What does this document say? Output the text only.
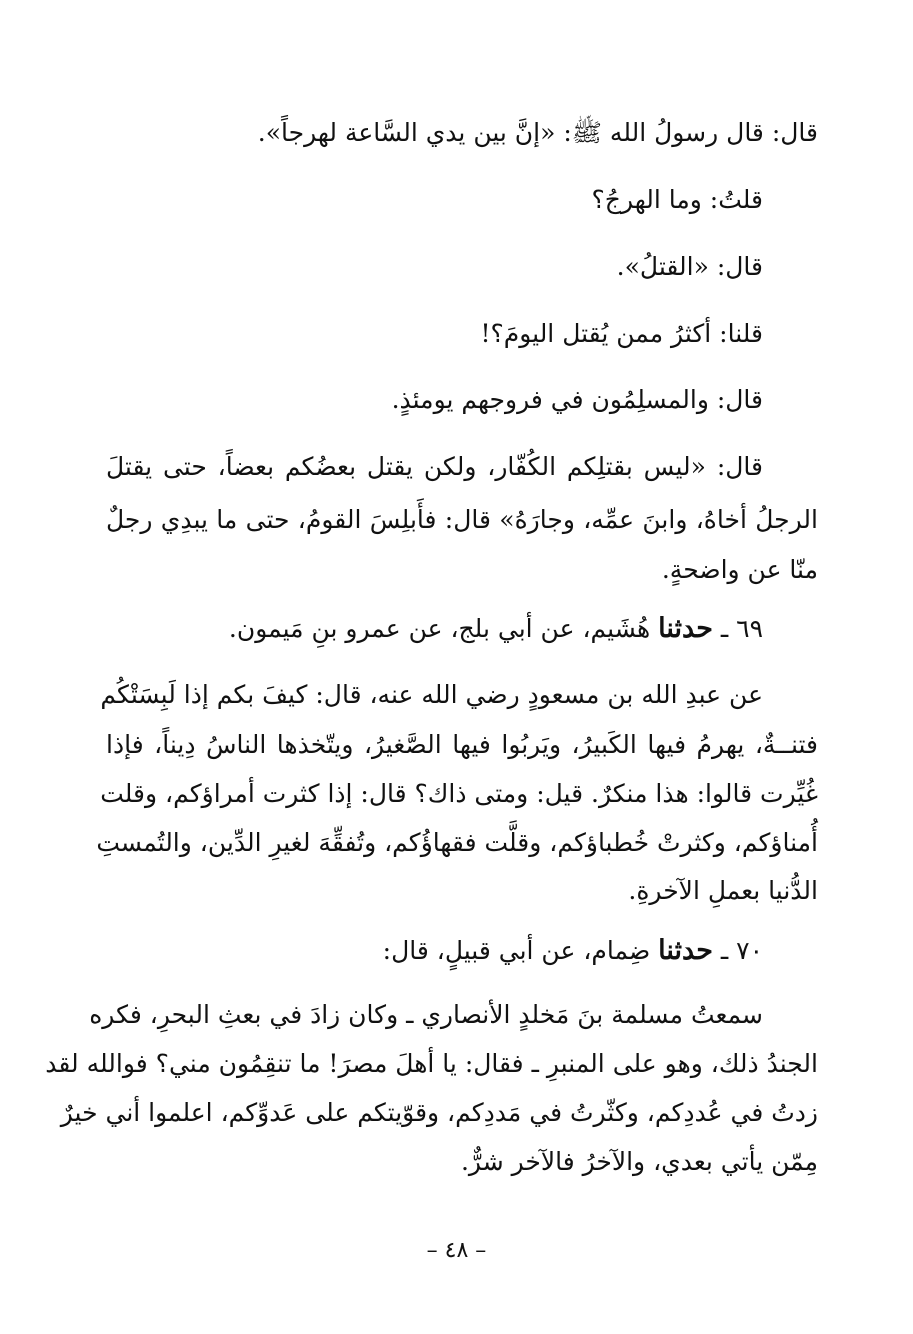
قال: قال رسولُ الله ﷺ: «إنَّ بين يدي السَّاعة لهرجاً».
قلتُ: وما الهرجُ؟
قال: «القتلُ».
قلنا: أكثرُ ممن يُقتل اليومَ؟!
قال: والمسلِمُون في فروجهم يومئذٍ.
قال: «ليس بقتلِكم الكُفّار، ولكن يقتل بعضُكم بعضاً، حتى يقتلَ
الرجلُ أخاهُ، وابنَ عمِّه، وجارَهُ» قال: فأَبلِسَ القومُ، حتى ما يبدِي رجلٌ
منّا عن واضحةٍ.
٦٩ ـ حدثنا هُشَيم، عن أبي بلج، عن عمرو بنِ مَيمون.
عن عبدِ الله بن مسعودٍ رضي الله عنه، قال: كيفَ بكم إذا لَبِسَتْكُم
فتنــةٌ، يهرمُ فيها الكَبيرُ، ويَربُوا فيها الصَّغيرُ، ويتّخذها الناسُ دِيناً، فإذا
غُيِّرت قالوا: هذا منكرٌ. قيل: ومتى ذاك؟ قال: إذا كثرت أمراؤكم، وقلت
أُمناؤكم، وكثرتْ خُطباؤكم، وقلَّت فقهاؤُكم، وتُفقِّهَ لغيرِ الدِّين، والتُمستِ
الدُّنيا بعملِ الآخرةِ.
٧٠ ـ حدثنا ضِمام، عن أبي قبيلٍ، قال:
سمعتُ مسلمة بنَ مَخلدٍ الأنصاري ـ وكان زادَ في بعثِ البحرِ، فكره
الجندُ ذلك، وهو على المنبرِ ـ فقال: يا أهلَ مصرَ! ما تنقِمُون مني؟ فوالله لقد
زدتُ في عُددِكم، وكثّرتُ في مَددِكم، وقوّيتكم على عَدوِّكم، اعلموا أني خيرٌ
مِمّن يأتي بعدي، والآخرُ فالآخر شرٌّ.
– ٤٨ –
